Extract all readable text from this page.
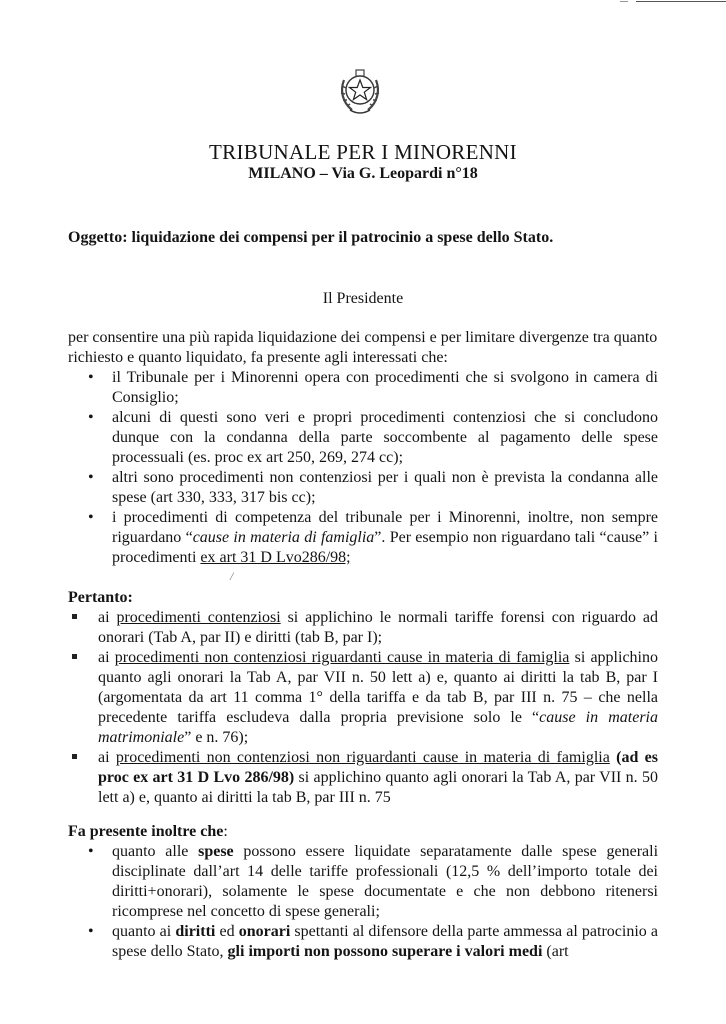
TRIBUNALE PER I MINORENNI
MILANO – Via G. Leopardi n°18
Oggetto: liquidazione dei compensi per il patrocinio a spese dello Stato.
Il Presidente

per consentire una più rapida liquidazione dei compensi e per limitare divergenze tra quanto richiesto e quanto liquidato, fa presente agli interessati che:

• il Tribunale per i Minorenni opera con procedimenti che si svolgono in camera di Consiglio;
• alcuni di questi sono veri e propri procedimenti contenziosi che si concludono dunque con la condanna della parte soccombente al pagamento delle spese processuali (es. proc ex art 250, 269, 274 cc);
• altri sono procedimenti non contenziosi per i quali non è prevista la condanna alle spese (art 330, 333, 317 bis cc);
• i procedimenti di competenza del tribunale per i Minorenni, inoltre, non sempre riguardano “cause in materia di famiglia”. Per esempio non riguardano tali “cause” i procedimenti ex art 31 D Lvo286/98;
/
Pertanto:
ai procedimenti contenziosi si applichino le normali tariffe forensi con riguardo ad onorari (Tab A, par II) e diritti (tab B, par I);
ai procedimenti non contenziosi riguardanti cause in materia di famiglia si applichino quanto agli onorari la Tab A, par VII n. 50 lett a) e, quanto ai diritti la tab B, par I (argomentata da art 11 comma 1° della tariffa e da tab B, par III n. 75 – che nella precedente tariffa escludeva dalla propria previsione solo le “cause in materia matrimoniale” e n. 76);
ai procedimenti non contenziosi non riguardanti cause in materia di famiglia (ad es proc ex art 31 D Lvo 286/98) si applichino quanto agli onorari la Tab A, par VII n. 50 lett a) e, quanto ai diritti la tab B, par III n. 75
Fa presente inoltre che:
• quanto alle spese possono essere liquidate separatamente dalle spese generali disciplinate dall’art 14 delle tariffe professionali (12,5 % dell’importo totale dei diritti+onorari), solamente le spese documentate e che non debbono ritenersi ricomprese nel concetto di spese generali;
• quanto ai diritti ed onorari spettanti al difensore della parte ammessa al patrocinio a spese dello Stato, gli importi non possono superare i valori medi (art
